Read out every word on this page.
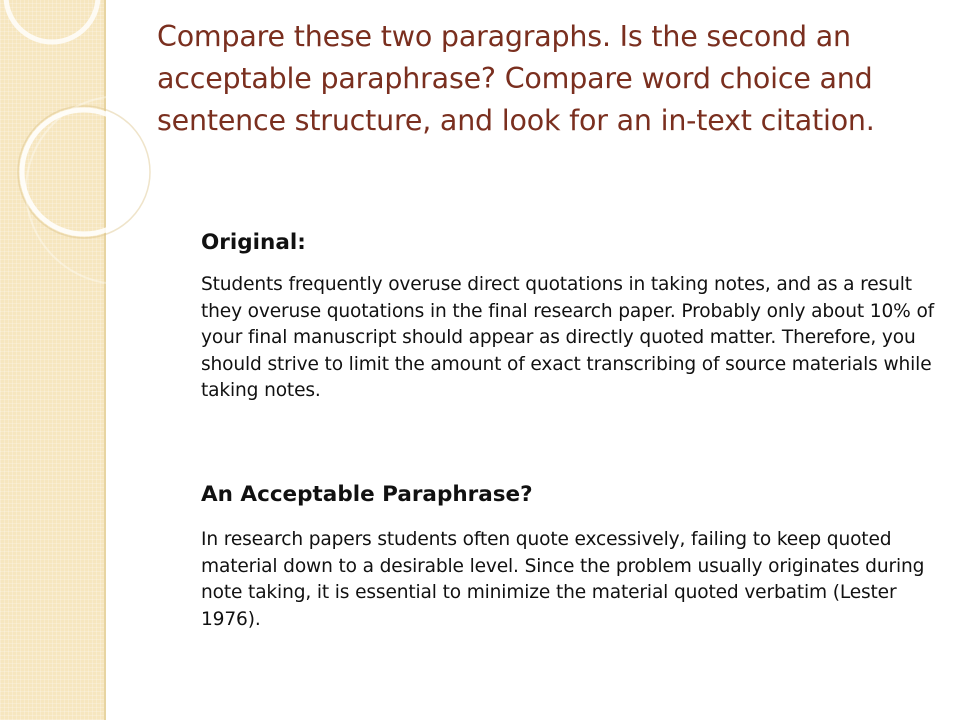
Compare these two paragraphs. Is the second an acceptable paraphrase? Compare word choice and sentence structure, and look for an in-text citation.
Original:

Students frequently overuse direct quotations in taking notes, and as a result they overuse quotations in the final research paper. Probably only about 10% of your final manuscript should appear as directly quoted matter. Therefore, you should strive to limit the amount of exact transcribing of source materials while taking notes.

An Acceptable Paraphrase?

In research papers students often quote excessively, failing to keep quoted material down to a desirable level. Since the problem usually originates during note taking, it is essential to minimize the material quoted verbatim (Lester 1976).
